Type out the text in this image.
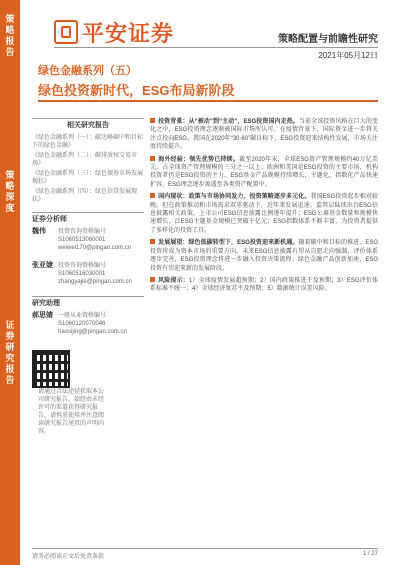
策
略
报
告
策
略
深
度
证
券
研
究
报
告
平安证券	策略配置与前瞻性研究
2021年05月12日
绿色金融系列（五）
绿色投资新时代，ESG布局新阶段
相关研究报告
《绿色金融系列（一）：碳达峰碳中和目标下的绿色金融》
《绿色金融系列（二）：碳排放权交易市场》
《绿色金融系列（三）：绿色债券市场发展现状》
《绿色金融系列（四）：绿色信贷发展现状》
证券分析师
魏伟	投资咨询资格编号 S1060513060001 weiwei170@pingan.com.cn
张亚婕 投资咨询资格编号 S1060516030001 zhangyajie@pingan.com.cn
研究助理
郝思婧 一般从业资格编号 S1060120070046 haosijing@pingan.com.cn
请通过合法途径获取本公司研究报告，如经由未经许可的渠道获得研究报告，请慎重使用并注意阅读研究报告尾页的声明内容。
投资背景：从“被动”到“主动”，ESG投资国内走热。当前全球投资风格在巨大的变化之中，ESG投资理念逐渐被国际市场所认可。在疫情背景下，国际资金进一步将关注点投向ESG。我国在2020年“30·60”碳目标下，ESG投资迎来结构性发展，市场关注度持续提升。
海外经验：领先优势已持续。截至2020年末，全球ESG资产管理规模约40万亿美元，占全球资产管理规模的三分之一以上；欧洲和美国是ESG投资的主要市场，机构投资者仍是ESG投资的主力，ESG基金产品规模持续增长，主题化、指数化产品快速扩容，ESG理念逐步渗透至各类资产配置中。
国内现状：政策与市场协同发力，投资策略逐步多元化。我国ESG投资起步相对较晚，但在政策推动和市场需求双重驱动下，近年来发展迅速。监管层陆续出台ESG信息披露相关政策，上市公司ESG信息披露比例逐年提升；ESG公募基金数量和规模快速增长，泛ESG主题基金规模已突破千亿元；ESG指数体系不断丰富，为投资者提供了多样化的投资工具。
发展展望：绿色低碳转型下，ESG投资迎来新机遇。随着碳中和目标的推进，ESG投资将成为资本市场的重要方向。未来ESG信息披露有望从自愿走向强制，评价体系逐步完善，ESG投资理念将进一步融入投资决策流程；绿色金融产品创新加速，ESG投资有望迎来新的发展阶段。
风险提示：1）全球疫情发展超预期；2）国内政策推进不及预期；3）ESG评价体系标准不统一；4）全球经济复苏不及预期；5）数据统计误差风险。
请务必阅读正文后免责条款	1 / 27
